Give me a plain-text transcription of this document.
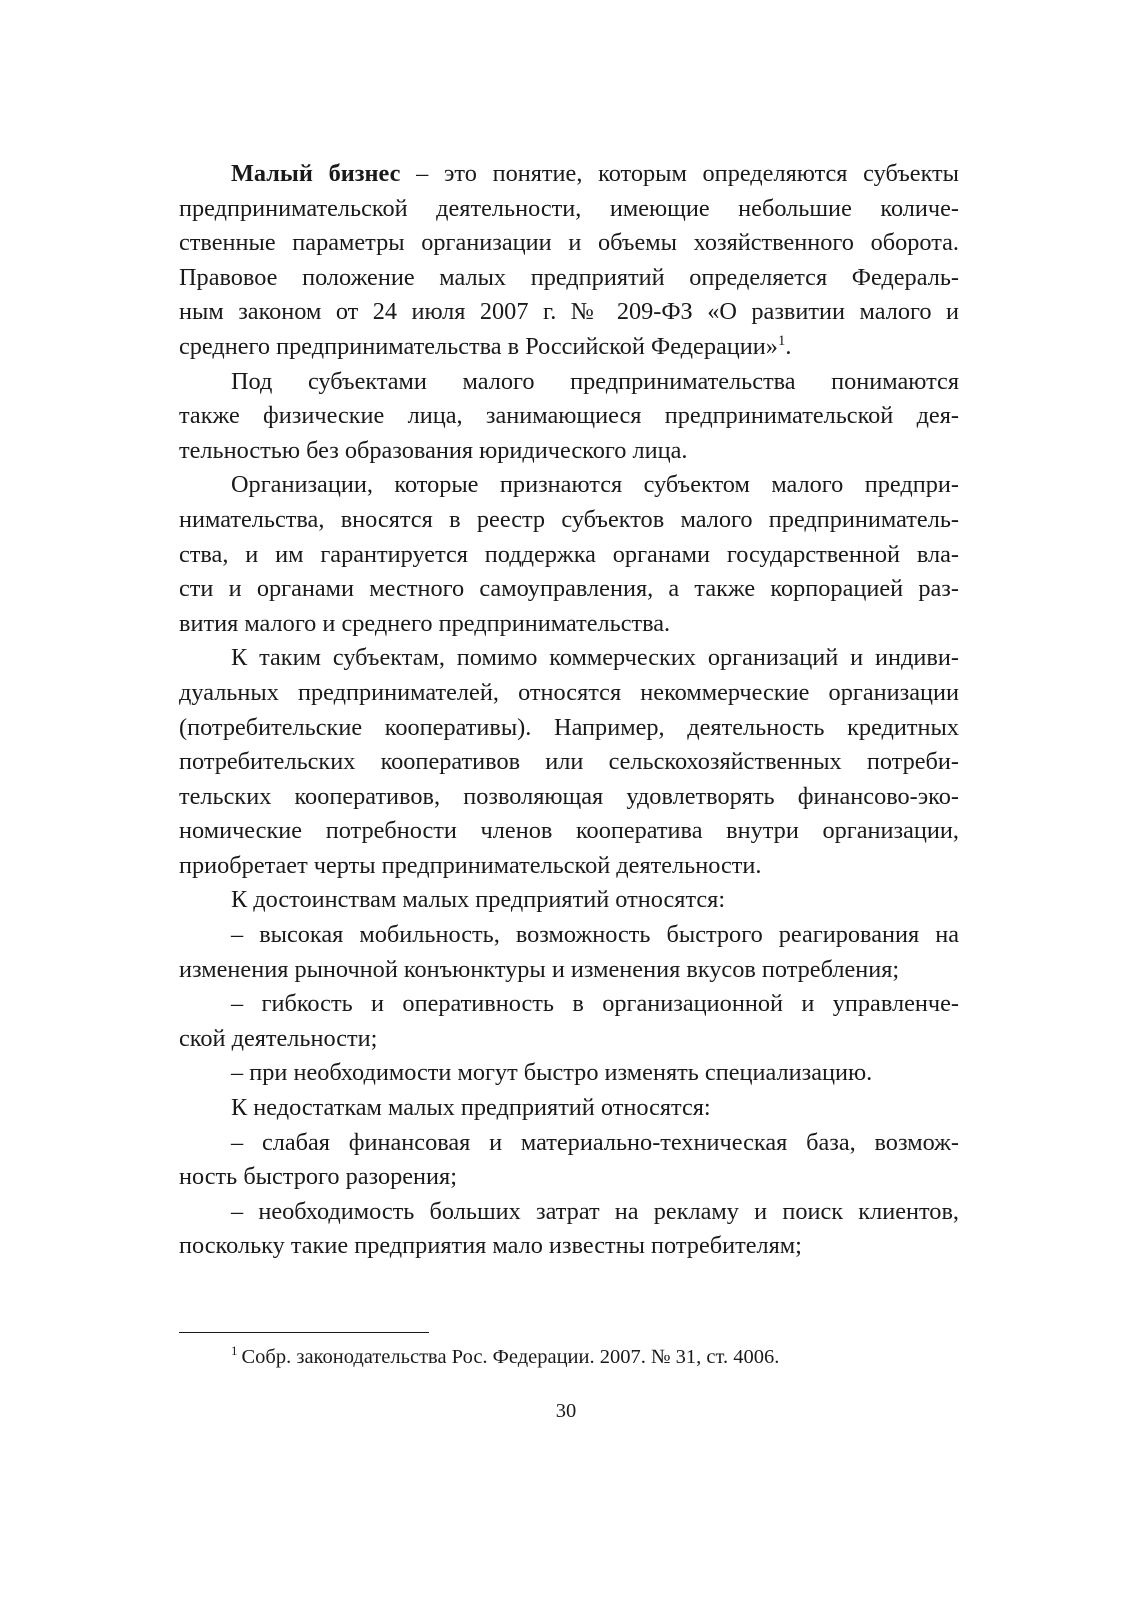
Малый бизнес – это понятие, которым определяются субъекты
предпринимательской деятельности, имеющие небольшие количе-
ственные параметры организации и объемы хозяйственного оборота.
Правовое положение малых предприятий определяется Федераль-
ным законом от 24 июля 2007 г. № 209-ФЗ «О развитии малого и
среднего предпринимательства в Российской Федерации»$^1$.
Под субъектами малого предпринимательства понимаются
также физические лица, занимающиеся предпринимательской дея-
тельностью без образования юридического лица.
Организации, которые признаются субъектом малого предпри-
нимательства, вносятся в реестр субъектов малого предприниматель-
ства, и им гарантируется поддержка органами государственной вла-
сти и органами местного самоуправления, а также корпорацией раз-
вития малого и среднего предпринимательства.
К таким субъектам, помимо коммерческих организаций и индиви-
дуальных предпринимателей, относятся некоммерческие организации
(потребительские кооперативы). Например, деятельность кредитных
потребительских кооперативов или сельскохозяйственных потреби-
тельских кооперативов, позволяющая удовлетворять финансово-эко-
номические потребности членов кооператива внутри организации,
приобретает черты предпринимательской деятельности.
К достоинствам малых предприятий относятся:
– высокая мобильность, возможность быстрого реагирования на
изменения рыночной конъюнктуры и изменения вкусов потребления;
– гибкость и оперативность в организационной и управленче-
ской деятельности;
– при необходимости могут быстро изменять специализацию.
К недостаткам малых предприятий относятся:
– слабая финансовая и материально-техническая база, возмож-
ность быстрого разорения;
– необходимость больших затрат на рекламу и поиск клиентов,
поскольку такие предприятия мало известны потребителям;
$^1$ Собр. законодательства Рос. Федерации. 2007. № 31, ст. 4006.
30
